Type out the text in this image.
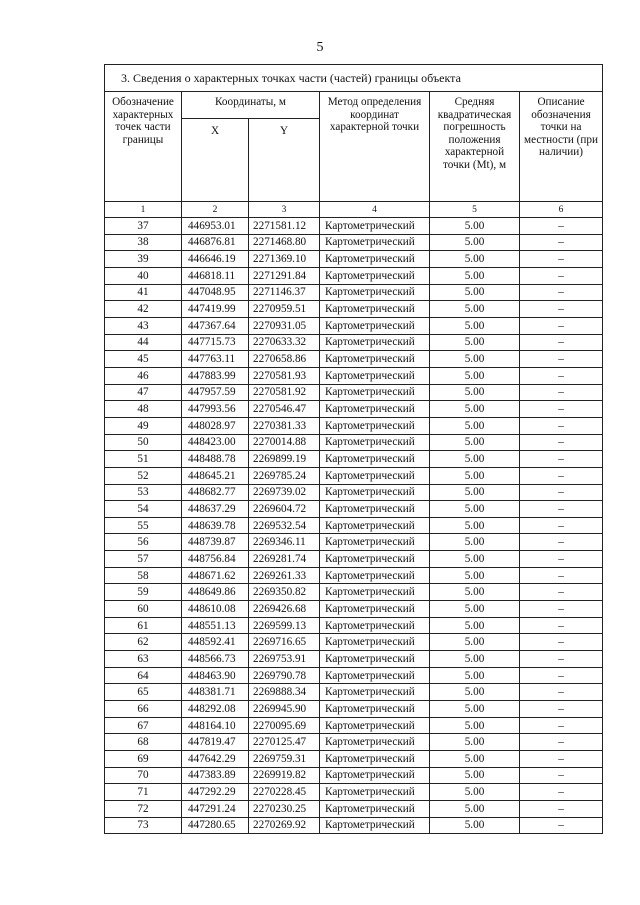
5
3. Сведения о характерных точках части (частей) границы объекта					
Обозначение характерных точек части границы	Координаты, м		Метод определения координат характерной точки	Средняя квадратическая погрешность положения характерной точки (Mt), м	Описание обозначения точки на местности (при наличии)
	X	Y			
1	2	3	4	5	6
37	446953.01	2271581.12	Картометрический	5.00	–
38	446876.81	2271468.80	Картометрический	5.00	–
39	446646.19	2271369.10	Картометрический	5.00	–
40	446818.11	2271291.84	Картометрический	5.00	–
41	447048.95	2271146.37	Картометрический	5.00	–
42	447419.99	2270959.51	Картометрический	5.00	–
43	447367.64	2270931.05	Картометрический	5.00	–
44	447715.73	2270633.32	Картометрический	5.00	–
45	447763.11	2270658.86	Картометрический	5.00	–
46	447883.99	2270581.93	Картометрический	5.00	–
47	447957.59	2270581.92	Картометрический	5.00	–
48	447993.56	2270546.47	Картометрический	5.00	–
49	448028.97	2270381.33	Картометрический	5.00	–
50	448423.00	2270014.88	Картометрический	5.00	–
51	448488.78	2269899.19	Картометрический	5.00	–
52	448645.21	2269785.24	Картометрический	5.00	–
53	448682.77	2269739.02	Картометрический	5.00	–
54	448637.29	2269604.72	Картометрический	5.00	–
55	448639.78	2269532.54	Картометрический	5.00	–
56	448739.87	2269346.11	Картометрический	5.00	–
57	448756.84	2269281.74	Картометрический	5.00	–
58	448671.62	2269261.33	Картометрический	5.00	–
59	448649.86	2269350.82	Картометрический	5.00	–
60	448610.08	2269426.68	Картометрический	5.00	–
61	448551.13	2269599.13	Картометрический	5.00	–
62	448592.41	2269716.65	Картометрический	5.00	–
63	448566.73	2269753.91	Картометрический	5.00	–
64	448463.90	2269790.78	Картометрический	5.00	–
65	448381.71	2269888.34	Картометрический	5.00	–
66	448292.08	2269945.90	Картометрический	5.00	–
67	448164.10	2270095.69	Картометрический	5.00	–
68	447819.47	2270125.47	Картометрический	5.00	–
69	447642.29	2269759.31	Картометрический	5.00	–
70	447383.89	2269919.82	Картометрический	5.00	–
71	447292.29	2270228.45	Картометрический	5.00	–
72	447291.24	2270230.25	Картометрический	5.00	–
73	447280.65	2270269.92	Картометрический	5.00	–
